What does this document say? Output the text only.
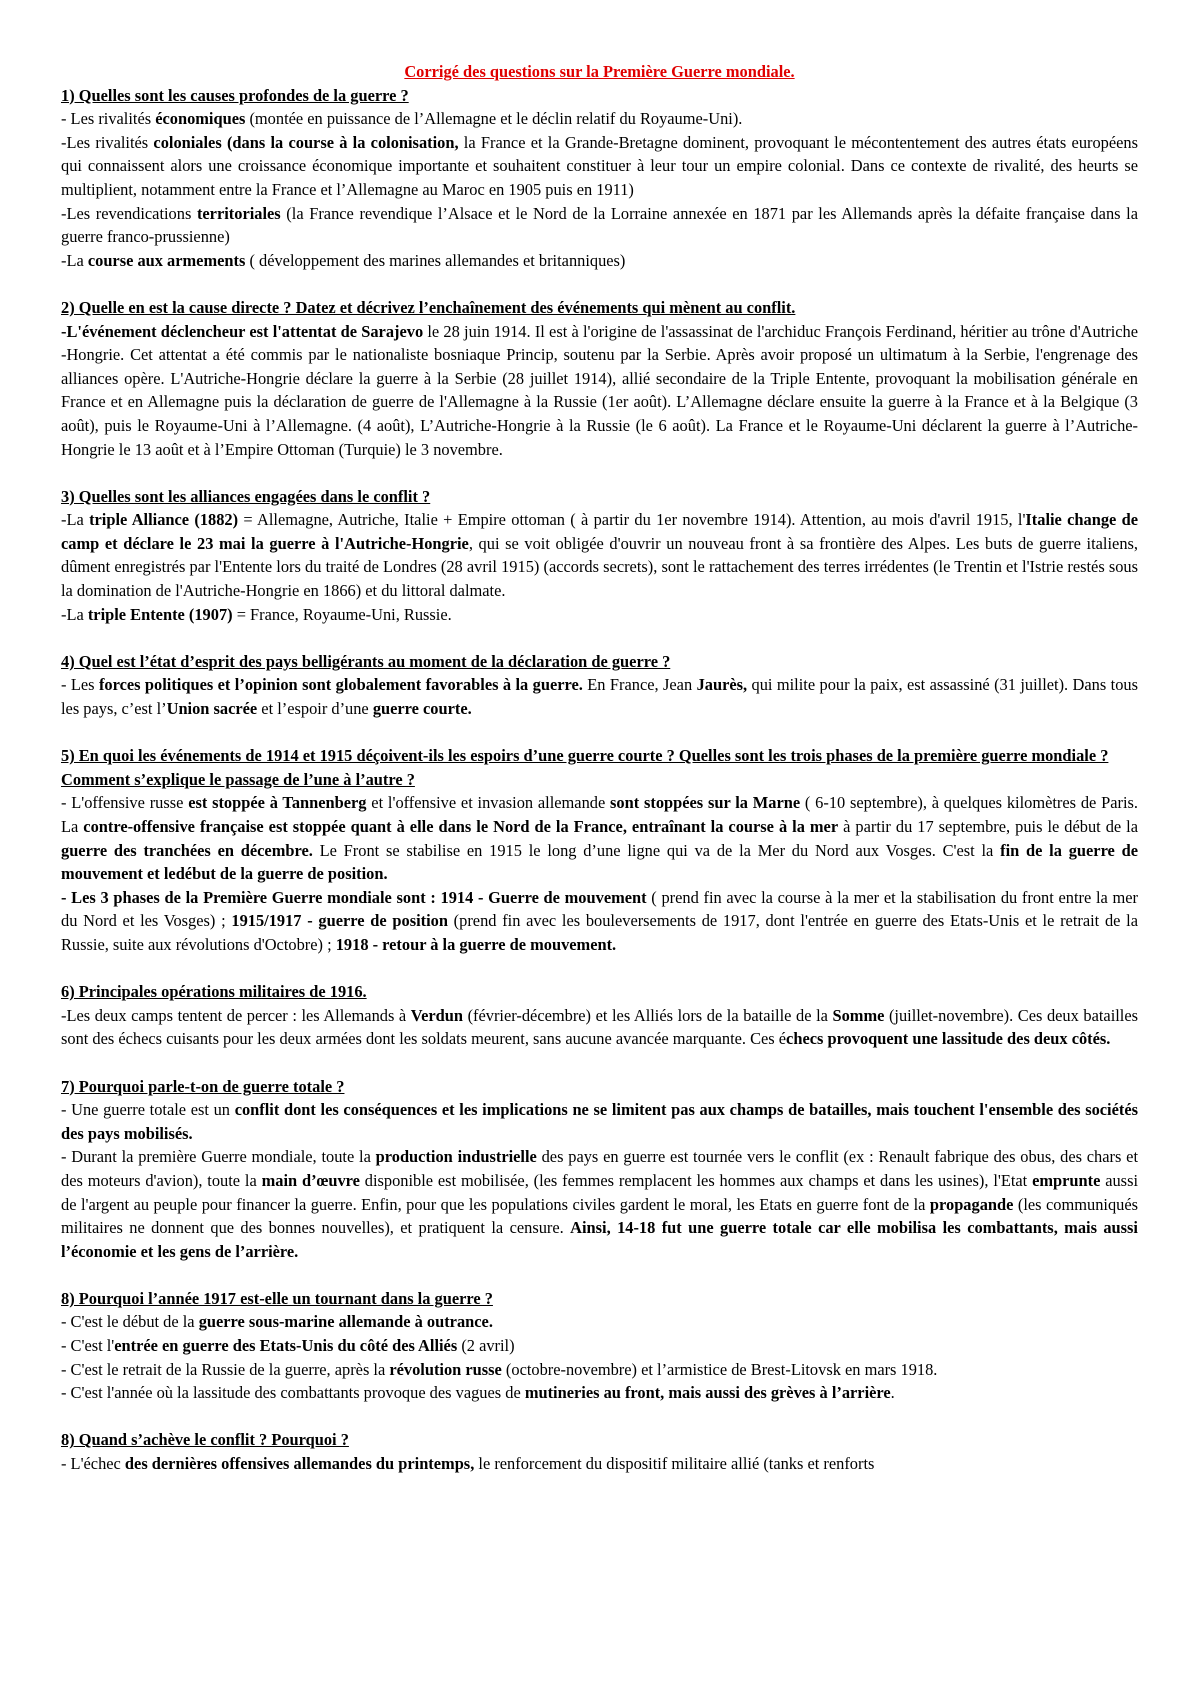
Corrigé des questions sur la Première Guerre mondiale.

1) Quelles sont les causes profondes de la guerre ?

- Les rivalités économiques (montée en puissance de l’Allemagne et le déclin relatif du Royaume-Uni).

-Les rivalités coloniales (dans la course à la colonisation, la France et la Grande-Bretagne dominent, provoquant le mécontentement des autres états européens qui connaissent alors une croissance économique importante et souhaitent constituer à leur tour un empire colonial. Dans ce contexte de rivalité, des heurts se multiplient, notamment entre la France et l’Allemagne au Maroc en 1905 puis en 1911)

-Les revendications territoriales (la France revendique l’Alsace et le Nord de la Lorraine annexée en 1871 par les Allemands après la défaite française dans la guerre franco-prussienne)

-La course aux armements ( développement des marines allemandes et britanniques)

2) Quelle en est la cause directe ? Datez et décrivez l’enchaînement des événements qui mènent au conflit.

-L'événement déclencheur est l'attentat de Sarajevo le 28 juin 1914. Il est à l'origine de l'assassinat de l'archiduc François Ferdinand, héritier au trône d'Autriche -Hongrie. Cet attentat a été commis par le nationaliste bosniaque Princip, soutenu par la Serbie. Après avoir proposé un ultimatum à la Serbie, l'engrenage des alliances opère. L'Autriche-Hongrie déclare la guerre à la Serbie (28 juillet 1914), allié secondaire de la Triple Entente, provoquant la mobilisation générale en France et en Allemagne puis la déclaration de guerre de l'Allemagne à la Russie (1er août). L’Allemagne déclare ensuite la guerre à la France et à la Belgique (3 août), puis le Royaume-Uni à l’Allemagne. (4 août), L’Autriche-Hongrie à la Russie (le 6 août). La France et le Royaume-Uni déclarent la guerre à l’Autriche-Hongrie le 13 août et à l’Empire Ottoman (Turquie) le 3 novembre.

3) Quelles sont les alliances engagées dans le conflit ?

-La triple Alliance (1882) = Allemagne, Autriche, Italie + Empire ottoman ( à partir du 1er novembre 1914). Attention, au mois d'avril 1915, l'Italie change de camp et déclare le 23 mai la guerre à l'Autriche-Hongrie, qui se voit obligée d'ouvrir un nouveau front à sa frontière des Alpes. Les buts de guerre italiens, dûment enregistrés par l'Entente lors du traité de Londres (28 avril 1915) (accords secrets), sont le rattachement des terres irrédentes (le Trentin et l'Istrie restés sous la domination de l'Autriche-Hongrie en 1866) et du littoral dalmate.

-La triple Entente (1907) = France, Royaume-Uni, Russie.

4) Quel est l’état d’esprit des pays belligérants au moment de la déclaration de guerre ?

- Les forces politiques et l’opinion sont globalement favorables à la guerre. En France, Jean Jaurès, qui milite pour la paix, est assassiné (31 juillet). Dans tous les pays, c’est l’Union sacrée et l’espoir d’une guerre courte.

5) En quoi les événements de 1914 et 1915 déçoivent-ils les espoirs d’une guerre courte ? Quelles sont les trois phases de la première guerre mondiale ? Comment s’explique le passage de l’une à l’autre ?

- L'offensive russe est stoppée à Tannenberg et l'offensive et invasion allemande sont stoppées sur la Marne ( 6-10 septembre), à quelques kilomètres de Paris. La contre-offensive française est stoppée quant à elle dans le Nord de la France, entraînant la course à la mer à partir du 17 septembre, puis le début de la guerre des tranchées en décembre. Le Front se stabilise en 1915 le long d’une ligne qui va de la Mer du Nord aux Vosges. C'est la fin de la guerre de mouvement et ledébut de la guerre de position.

- Les 3 phases de la Première Guerre mondiale sont : 1914 - Guerre de mouvement ( prend fin avec la course à la mer et la stabilisation du front entre la mer du Nord et les Vosges) ; 1915/1917 - guerre de position (prend fin avec les bouleversements de 1917, dont l'entrée en guerre des Etats-Unis et le retrait de la Russie, suite aux révolutions d'Octobre) ; 1918 - retour à la guerre de mouvement.

6) Principales opérations militaires de 1916.

-Les deux camps tentent de percer : les Allemands à Verdun (février-décembre) et les Alliés lors de la bataille de la Somme (juillet-novembre). Ces deux batailles sont des échecs cuisants pour les deux armées dont les soldats meurent, sans aucune avancée marquante. Ces échecs provoquent une lassitude des deux côtés.

7) Pourquoi parle-t-on de guerre totale ?

- Une guerre totale est un conflit dont les conséquences et les implications ne se limitent pas aux champs de batailles, mais touchent l'ensemble des sociétés des pays mobilisés.

- Durant la première Guerre mondiale, toute la production industrielle des pays en guerre est tournée vers le conflit (ex : Renault fabrique des obus, des chars et des moteurs d'avion), toute la main d’œuvre disponible est mobilisée, (les femmes remplacent les hommes aux champs et dans les usines), l'Etat emprunte aussi de l'argent au peuple pour financer la guerre. Enfin, pour que les populations civiles gardent le moral, les Etats en guerre font de la propagande (les communiqués militaires ne donnent que des bonnes nouvelles), et pratiquent la censure. Ainsi, 14-18 fut une guerre totale car elle mobilisa les combattants, mais aussi l’économie et les gens de l’arrière.

8) Pourquoi l’année 1917 est-elle un tournant dans la guerre ?

- C'est le début de la guerre sous-marine allemande à outrance.

- C'est l'entrée en guerre des Etats-Unis du côté des Alliés (2 avril)

- C'est le retrait de la Russie de la guerre, après la révolution russe (octobre-novembre) et l’armistice de Brest-Litovsk en mars 1918.

- C'est l'année où la lassitude des combattants provoque des vagues de mutineries au front, mais aussi des grèves à l’arrière.

8) Quand s’achève le conflit ? Pourquoi ?

- L'échec des dernières offensives allemandes du printemps, le renforcement du dispositif militaire allié (tanks et renforts
